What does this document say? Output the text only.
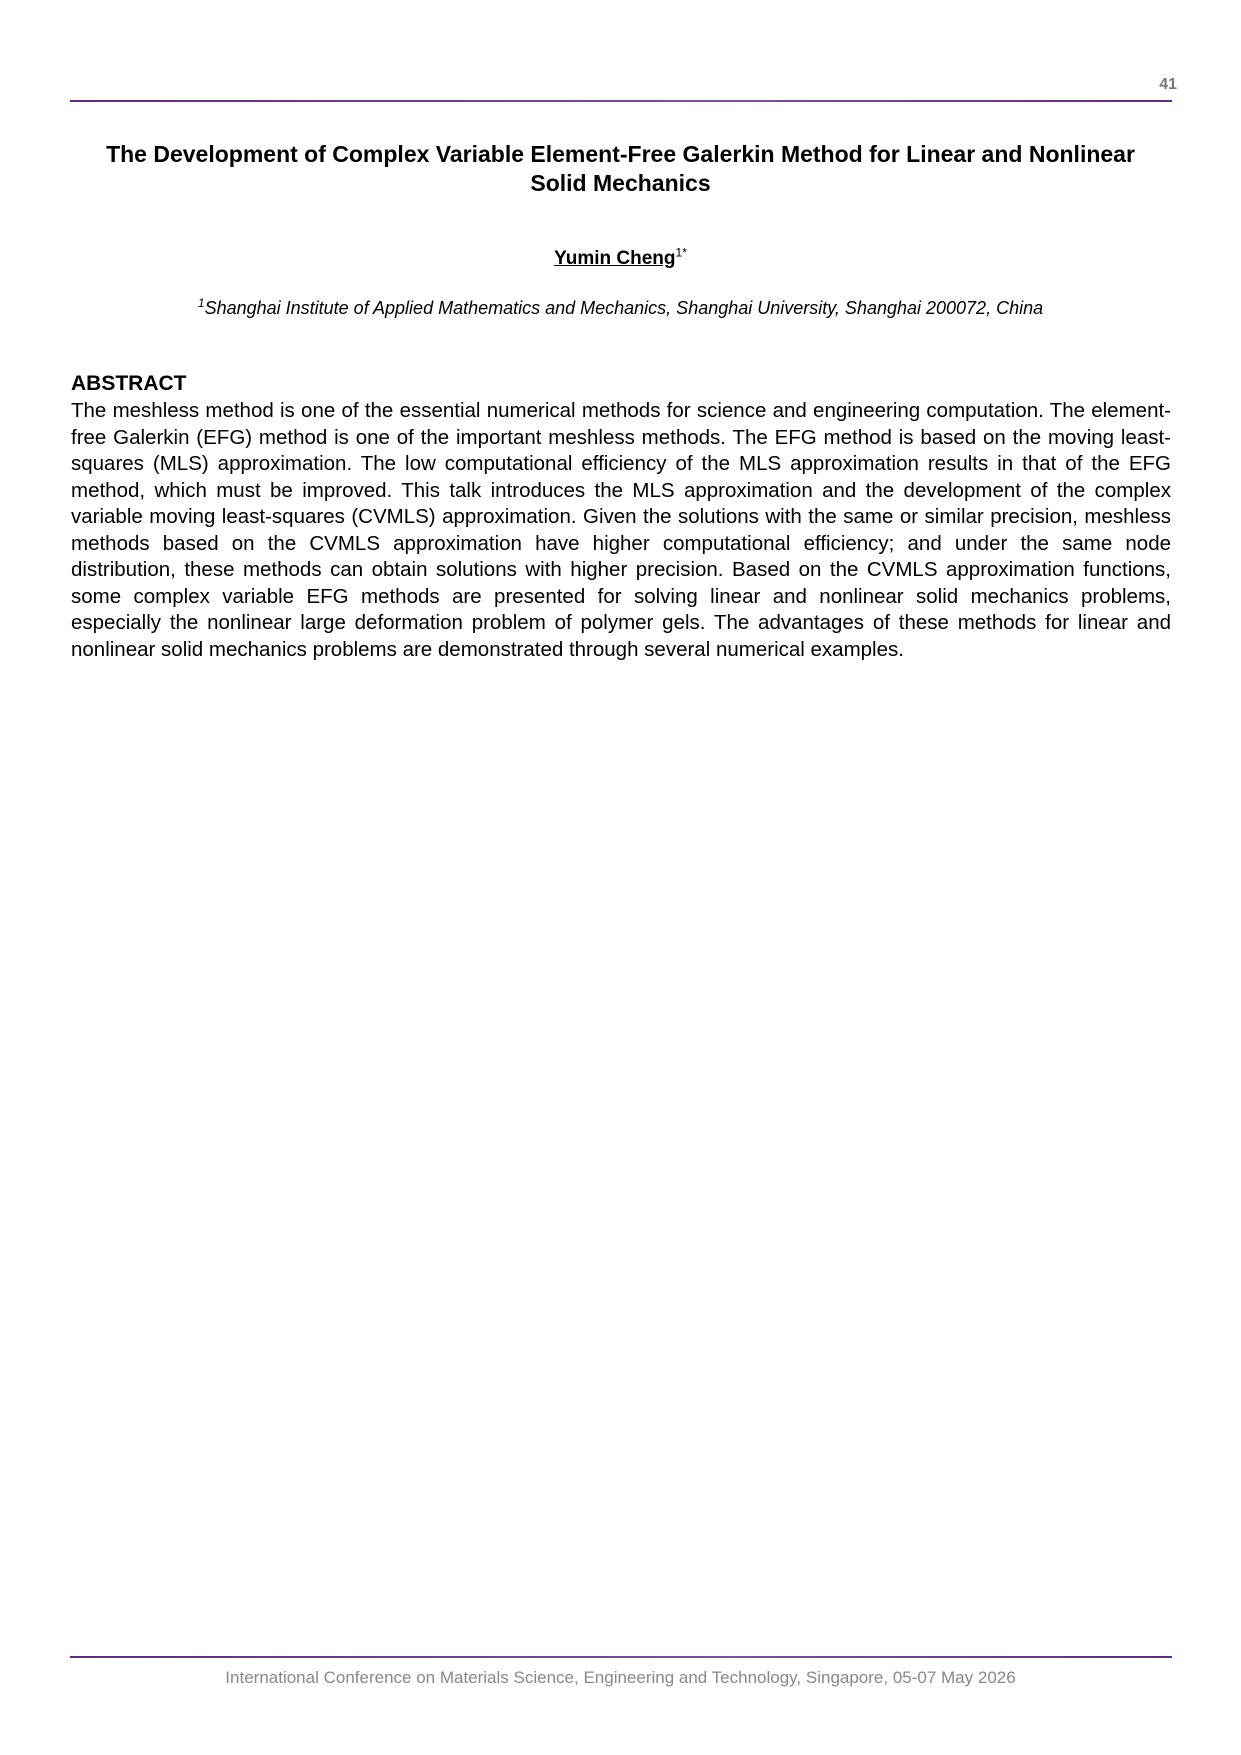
41
The Development of Complex Variable Element-Free Galerkin Method for Linear and Nonlinear Solid Mechanics
Yumin Cheng$^{1*}$
$^1$Shanghai Institute of Applied Mathematics and Mechanics, Shanghai University, Shanghai 200072, China
ABSTRACT

The meshless method is one of the essential numerical methods for science and engineering computation. The element-free Galerkin (EFG) method is one of the important meshless methods. The EFG method is based on the moving least-squares (MLS) approximation. The low computational efficiency of the MLS approximation results in that of the EFG method, which must be improved. This talk introduces the MLS approximation and the development of the complex variable moving least-squares (CVMLS) approximation. Given the solutions with the same or similar precision, meshless methods based on the CVMLS approximation have higher computational efficiency; and under the same node distribution, these methods can obtain solutions with higher precision. Based on the CVMLS approximation functions, some complex variable EFG methods are presented for solving linear and nonlinear solid mechanics problems, especially the nonlinear large deformation problem of polymer gels. The advantages of these methods for linear and nonlinear solid mechanics problems are demonstrated through several numerical examples.

International Conference on Materials Science, Engineering and Technology, Singapore, 05-07 May 2026
